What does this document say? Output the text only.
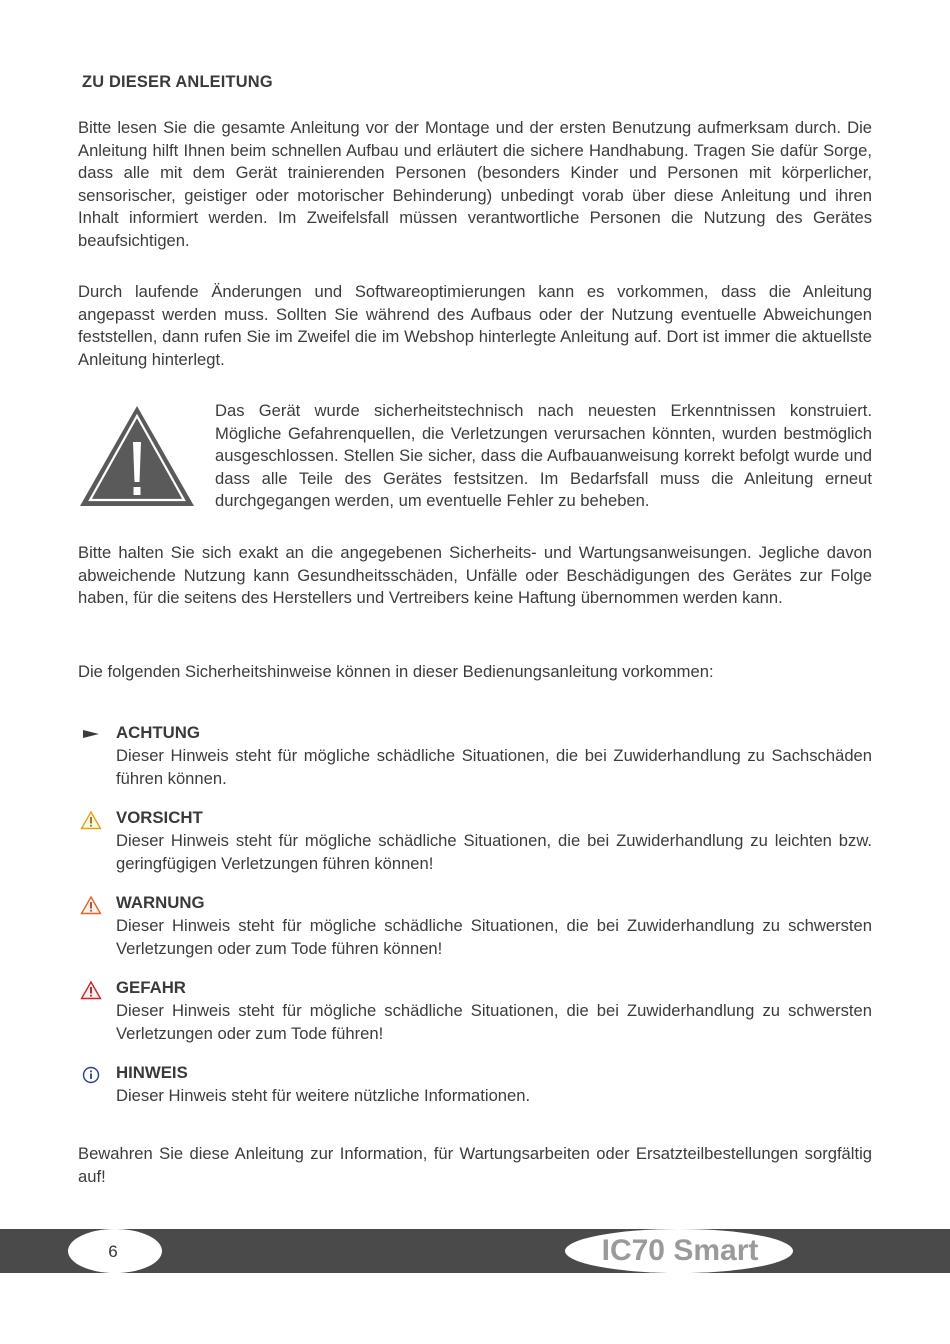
ZU DIESER ANLEITUNG

Bitte lesen Sie die gesamte Anleitung vor der Montage und der ersten Benutzung aufmerksam durch. Die Anleitung hilft Ihnen beim schnellen Aufbau und erläutert die sichere Handhabung. Tragen Sie dafür Sorge, dass alle mit dem Gerät trainierenden Personen (besonders Kinder und Personen mit körperlicher, sensorischer, geistiger oder motorischer Behinderung) unbedingt vorab über diese Anleitung und ihren Inhalt informiert werden. Im Zweifelsfall müssen verantwortliche Personen die Nutzung des Gerätes beaufsichtigen.

Durch laufende Änderungen und Softwareoptimierungen kann es vorkommen, dass die Anleitung angepasst werden muss. Sollten Sie während des Aufbaus oder der Nutzung eventuelle Abweichungen feststellen, dann rufen Sie im Zweifel die im Webshop hinterlegte Anleitung auf. Dort ist immer die aktuellste Anleitung hinterlegt.

Das Gerät wurde sicherheitstechnisch nach neuesten Erkenntnissen konstruiert. Mögliche Gefahrenquellen, die Verletzungen verursachen könnten, wurden bestmöglich ausgeschlossen. Stellen Sie sicher, dass die Aufbauanweisung korrekt befolgt wurde und dass alle Teile des Gerätes festsitzen. Im Bedarfsfall muss die Anleitung erneut durchgegangen werden, um eventuelle Fehler zu beheben.

Bitte halten Sie sich exakt an die angegebenen Sicherheits- und Wartungsanweisungen. Jegliche davon abweichende Nutzung kann Gesundheitsschäden, Unfälle oder Beschädigungen des Gerätes zur Folge haben, für die seitens des Herstellers und Vertreibers keine Haftung übernommen werden kann.

Die folgenden Sicherheitshinweise können in dieser Bedienungsanleitung vorkommen:

ACHTUNG

Dieser Hinweis steht für mögliche schädliche Situationen, die bei Zuwiderhandlung zu Sachschäden führen können.

VORSICHT

Dieser Hinweis steht für mögliche schädliche Situationen, die bei Zuwiderhandlung zu leichten bzw. geringfügigen Verletzungen führen können!

WARNUNG

Dieser Hinweis steht für mögliche schädliche Situationen, die bei Zuwiderhandlung zu schwersten Verletzungen oder zum Tode führen können!

GEFAHR

Dieser Hinweis steht für mögliche schädliche Situationen, die bei Zuwiderhandlung zu schwersten Verletzungen oder zum Tode führen!

HINWEIS

Dieser Hinweis steht für weitere nützliche Informationen.

Bewahren Sie diese Anleitung zur Information, für Wartungsarbeiten oder Ersatzteilbestellungen sorgfältig auf!

6	IC70 Smart
